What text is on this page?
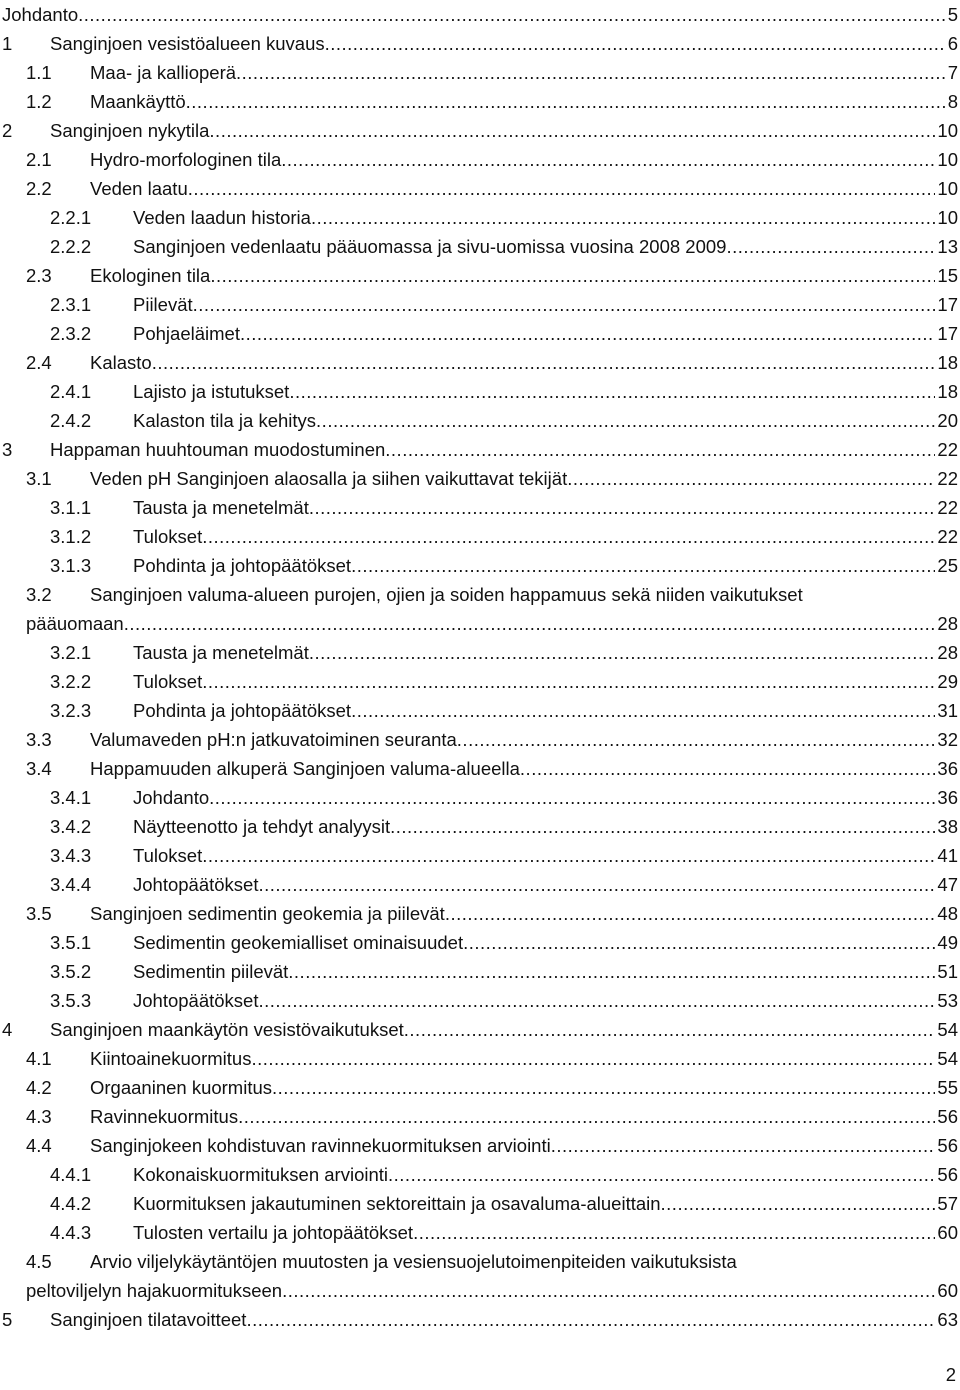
Johdanto .....	5
1 Sanginjoen vesistöalueen kuvaus .....	6
1.1 Maa- ja kallioperä .....	7
1.2 Maankäyttö .....	8
2 Sanginjoen nykytila .....	10
2.1 Hydro-morfologinen tila .....	10
2.2 Veden laatu .....	10
2.2.1 Veden laadun historia .....	10
2.2.2 Sanginjoen vedenlaatu pääuomassa ja sivu-uomissa vuosina 2008 2009 .....	13
2.3 Ekologinen tila .....	15
2.3.1 Piilevät .....	17
2.3.2 Pohjaeläimet .....	17
2.4 Kalasto .....	18
2.4.1 Lajisto ja istutukset .....	18
2.4.2 Kalaston tila ja kehitys .....	20
3 Happaman huuhtouman muodostuminen .....	22
3.1 Veden pH Sanginjoen alaosalla ja siihen vaikuttavat tekijät .....	22
3.1.1 Tausta ja menetelmät .....	22
3.1.2 Tulokset .....	22
3.1.3 Pohdinta ja johtopäätökset .....	25
3.2 Sanginjoen valuma-alueen purojen, ojien ja soiden happamuus sekä niiden vaikutukset
pääuomaan .....	28
3.2.1 Tausta ja menetelmät .....	28
3.2.2 Tulokset .....	29
3.2.3 Pohdinta ja johtopäätökset .....	31
3.3 Valumaveden pH:n jatkuvatoiminen seuranta .....	32
3.4 Happamuuden alkuperä Sanginjoen valuma-alueella .....	36
3.4.1 Johdanto .....	36
3.4.2 Näytteenotto ja tehdyt analyysit .....	38
3.4.3 Tulokset .....	41
3.4.4 Johtopäätökset .....	47
3.5 Sanginjoen sedimentin geokemia ja piilevät .....	48
3.5.1 Sedimentin geokemialliset ominaisuudet .....	49
3.5.2 Sedimentin piilevät .....	51
3.5.3 Johtopäätökset .....	53
4 Sanginjoen maankäytön vesistövaikutukset .....	54
4.1 Kiintoainekuormitus .....	54
4.2 Orgaaninen kuormitus .....	55
4.3 Ravinnekuormitus .....	56
4.4 Sanginjokeen kohdistuvan ravinnekuormituksen arviointi .....	56
4.4.1 Kokonaiskuormituksen arviointi .....	56
4.4.2 Kuormituksen jakautuminen sektoreittain ja osavaluma-alueittain .....	57
4.4.3 Tulosten vertailu ja johtopäätökset .....	60
4.5 Arvio viljelykäytäntöjen muutosten ja vesiensuojelutoimenpiteiden vaikutuksista
peltoviljelyn hajakuormitukseen .....	60
5 Sanginjoen tilatavoitteet .....	63
2
